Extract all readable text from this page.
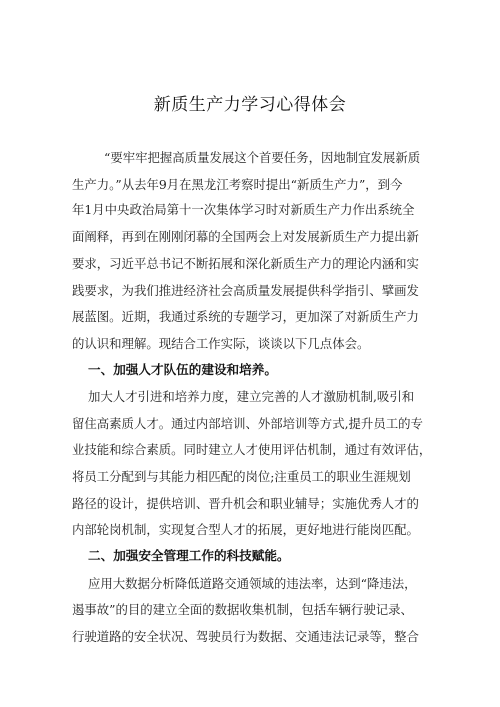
新质生产力学习心得体会
“要牢牢把握高质量发展这个首要任务，因地制宜发展新质
生产力。”从去年9月在黑龙江考察时提出“新质生产力”，到今
年1月中央政治局第十一次集体学习时对新质生产力作出系统全
面阐释，再到在刚刚闭幕的全国两会上对发展新质生产力提出新
要求，习近平总书记不断拓展和深化新质生产力的理论内涵和实
践要求，为我们推进经济社会高质量发展提供科学指引、擘画发
展蓝图。近期，我通过系统的专题学习，更加深了对新质生产力
的认识和理解。现结合工作实际，谈谈以下几点体会。
一、加强人才队伍的建设和培养。
加大人才引进和培养力度，建立完善的人才激励机制,吸引和
留住高素质人才。通过内部培训、外部培训等方式,提升员工的专
业技能和综合素质。同时建立人才使用评估机制，通过有效评估，
将员工分配到与其能力相匹配的岗位;注重员工的职业生涯规划
路径的设计，提供培训、晋升机会和职业辅导；实施优秀人才的
内部轮岗机制，实现复合型人才的拓展，更好地进行能岗匹配。
二、加强安全管理工作的科技赋能。
应用大数据分析降低道路交通领域的违法率，达到“降违法，
遏事故”的目的建立全面的数据收集机制，包括车辆行驶记录、
行驶道路的安全状况、驾驶员行为数据、交通违法记录等，整合
